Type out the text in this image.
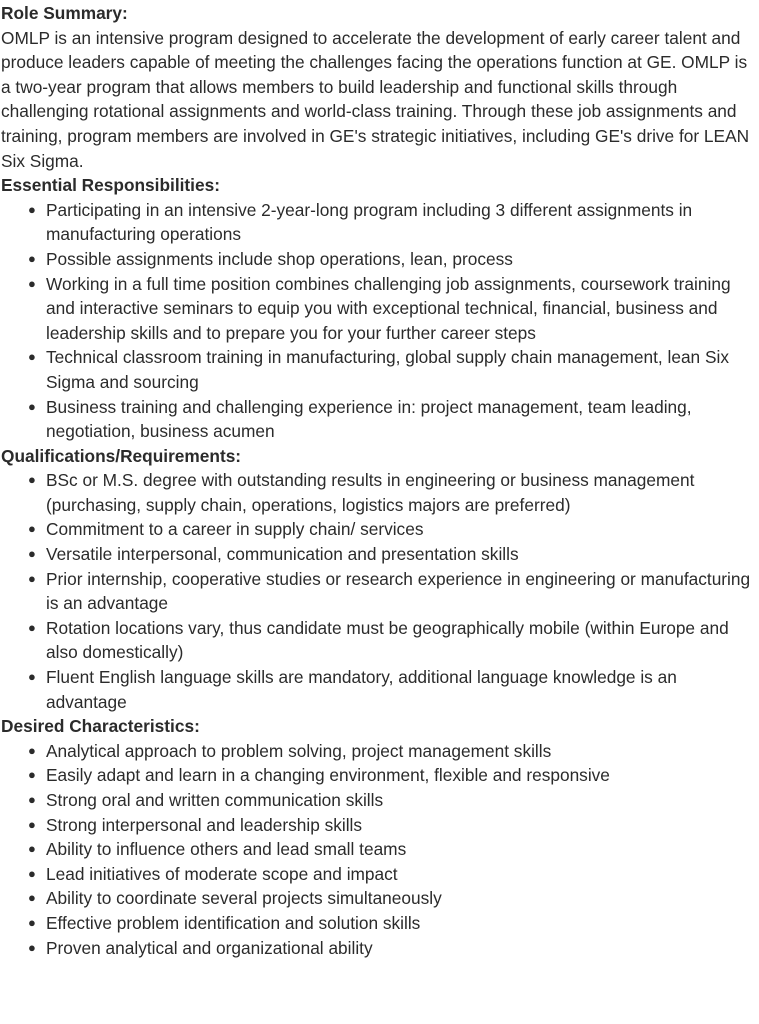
Role Summary:

OMLP is an intensive program designed to accelerate the development of early career talent and produce leaders capable of meeting the challenges facing the operations function at GE. OMLP is a two-year program that allows members to build leadership and functional skills through challenging rotational assignments and world-class training. Through these job assignments and training, program members are involved in GE's strategic initiatives, including GE's drive for LEAN Six Sigma.

Essential Responsibilities:
● Participating in an intensive 2-year-long program including 3 different assignments in manufacturing operations
● Possible assignments include shop operations, lean, process
● Working in a full time position combines challenging job assignments, coursework training and interactive seminars to equip you with exceptional technical, financial, business and leadership skills and to prepare you for your further career steps
● Technical classroom training in manufacturing, global supply chain management, lean Six Sigma and sourcing
● Business training and challenging experience in: project management, team leading, negotiation, business acumen
Qualifications/Requirements:
● BSc or M.S. degree with outstanding results in engineering or business management (purchasing, supply chain, operations, logistics majors are preferred)
● Commitment to a career in supply chain/ services
● Versatile interpersonal, communication and presentation skills
● Prior internship, cooperative studies or research experience in engineering or manufacturing is an advantage
● Rotation locations vary, thus candidate must be geographically mobile (within Europe and also domestically)
● Fluent English language skills are mandatory, additional language knowledge is an advantage
Desired Characteristics:
● Analytical approach to problem solving, project management skills
● Easily adapt and learn in a changing environment, flexible and responsive
● Strong oral and written communication skills
● Strong interpersonal and leadership skills
● Ability to influence others and lead small teams
● Lead initiatives of moderate scope and impact
● Ability to coordinate several projects simultaneously
● Effective problem identification and solution skills
● Proven analytical and organizational ability
